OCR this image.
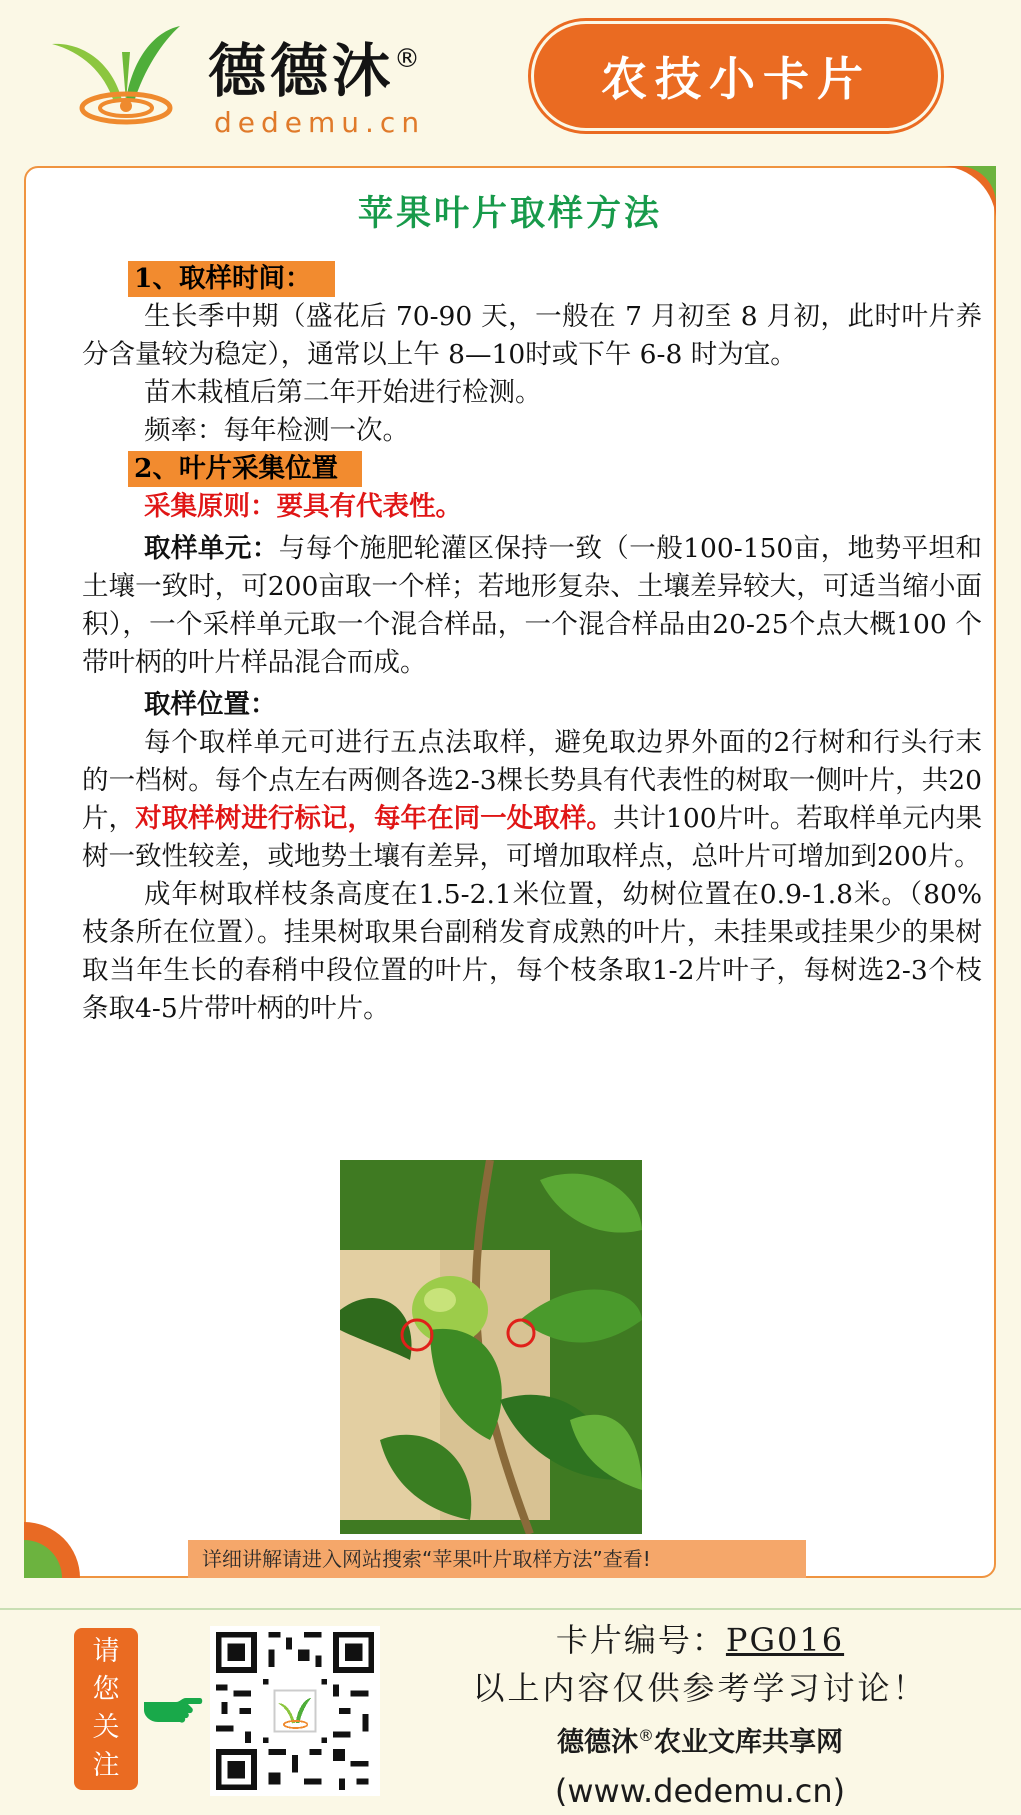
德德沐®
dedemu.cn
农技小卡片
苹果叶片取样方法
1、取样时间：

生长季中期（盛花后 70-90 天，一般在 7 月初至 8 月初，此时叶片养分含量较为稳定），通常以上午 8—10时或下午 6-8 时为宜。

苗木栽植后第二年开始进行检测。

频率：每年检测一次。

2、叶片采集位置

采集原则：要具有代表性。

取样单元：与每个施肥轮灌区保持一致（一般100-150亩，地势平坦和土壤一致时，可200亩取一个样；若地形复杂、土壤差异较大，可适当缩小面积），一个采样单元取一个混合样品，一个混合样品由20-25个点大概100 个带叶柄的叶片样品混合而成。

取样位置：

每个取样单元可进行五点法取样，避免取边界外面的2行树和行头行末的一档树。每个点左右两侧各选2-3棵长势具有代表性的树取一侧叶片，共20片，对取样树进行标记，每年在同一处取样。共计100片叶。若取样单元内果树一致性较差，或地势土壤有差异，可增加取样点，总叶片可增加到200片。

成年树取样枝条高度在1.5-2.1米位置，幼树位置在0.9-1.8米。（80%枝条所在位置）。挂果树取果台副稍发育成熟的叶片，未挂果或挂果少的果树取当年生长的春稍中段位置的叶片，每个枝条取1-2片叶子，每树选2-3个枝条取4-5片带叶柄的叶片。

详细讲解请进入网站搜索“苹果叶片取样方法”查看!
请
您
关
注
卡片编号：PG016
以上内容仅供参考学习讨论！
德德沐®农业文库共享网
(www.dedemu.cn)
